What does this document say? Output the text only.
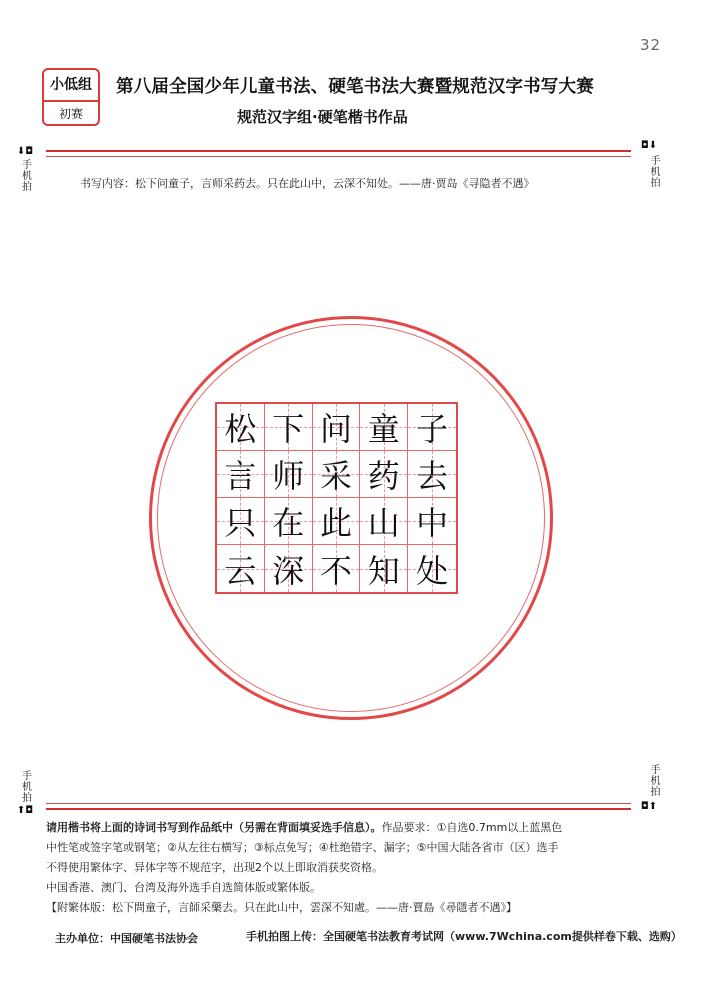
32
小低组
初赛
第八届全国少年儿童书法、硬笔书法大赛暨规范汉字书写大赛
规范汉字组·硬笔楷书作品
⬇◘
手机拍
◘⬇
手机拍
书写内容：松下问童子，言师采药去。只在此山中，云深不知处。——唐·贾岛《寻隐者不遇》
松 下 问 童 子
言 师 采 药 去
只 在 此 山 中
云 深 不 知 处
手机拍
⬆◘
手机拍
◘⬆
请用楷书将上面的诗词书写到作品纸中（另需在背面填妥选手信息）。作品要求：①自选0.7mm以上蓝黑色
中性笔或签字笔或钢笔；②从左往右横写；③标点免写；④杜绝错字、漏字；⑤中国大陆各省市（区）选手
不得使用繁体字、异体字等不规范字，出现2个以上即取消获奖资格。
中国香港、澳门、台湾及海外选手自选简体版或繁体版。
【附繁体版：松下問童子，言師采藥去。只在此山中，雲深不知處。——唐·賈島《尋隱者不遇》】
主办单位：中国硬笔书法协会	手机拍图上传：全国硬笔书法教育考试网（www.7Wchina.com提供样卷下载、选购）
